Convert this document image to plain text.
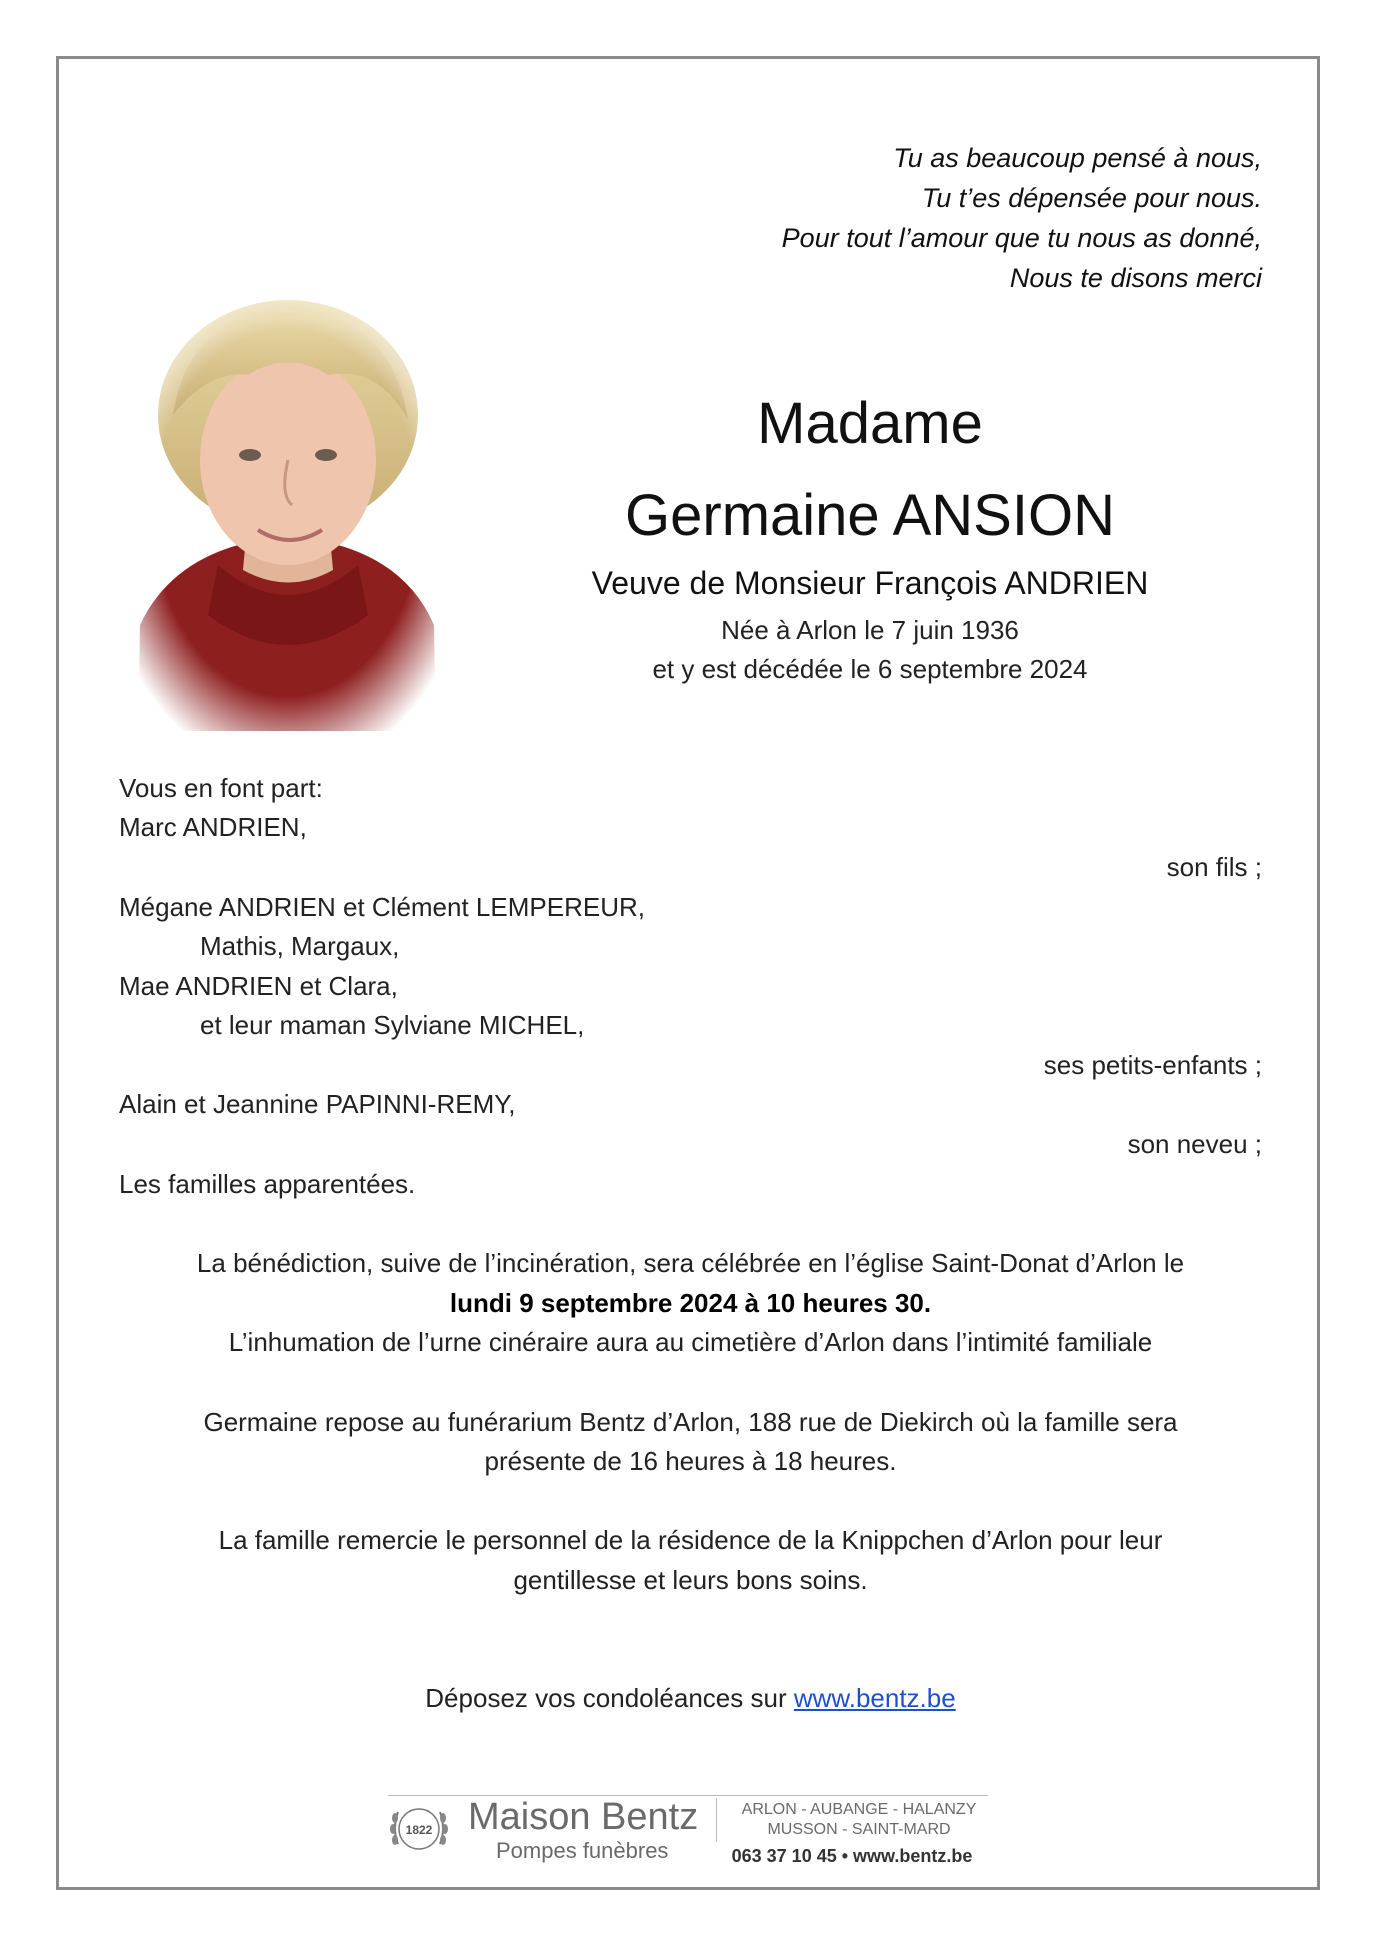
Tu as beaucoup pensé à nous,
Tu t’es dépensée pour nous.
Pour tout l’amour que tu nous as donné,
Nous te disons merci
Madame
Germaine ANSION
Veuve de Monsieur François ANDRIEN
Née à Arlon le 7 juin 1936
et y est décédée le 6 septembre 2024
Vous en font part:
Marc ANDRIEN,
son fils ;
Mégane ANDRIEN et Clément LEMPEREUR,
Mathis, Margaux,
Mae ANDRIEN et Clara,
et leur maman Sylviane MICHEL,
ses petits-enfants ;
Alain et Jeannine PAPINNI-REMY,
son neveu ;
Les familles apparentées.
La bénédiction, suive de l’incinération, sera célébrée en l’église Saint-Donat d’Arlon le
lundi 9 septembre 2024 à 10 heures 30.
L’inhumation de l’urne cinéraire aura au cimetière d’Arlon dans l’intimité familiale
Germaine repose au funérarium Bentz d’Arlon, 188 rue de Diekirch où la famille sera
présente de 16 heures à 18 heures.
La famille remercie le personnel de la résidence de la Knippchen d’Arlon pour leur
gentillesse et leurs bons soins.
Déposez vos condoléances sur www.bentz.be
1822 Maison Bentz
Pompes funèbres
ARLON - AUBANGE - HALANZY
MUSSON - SAINT-MARD
063 37 10 45 • www.bentz.be
